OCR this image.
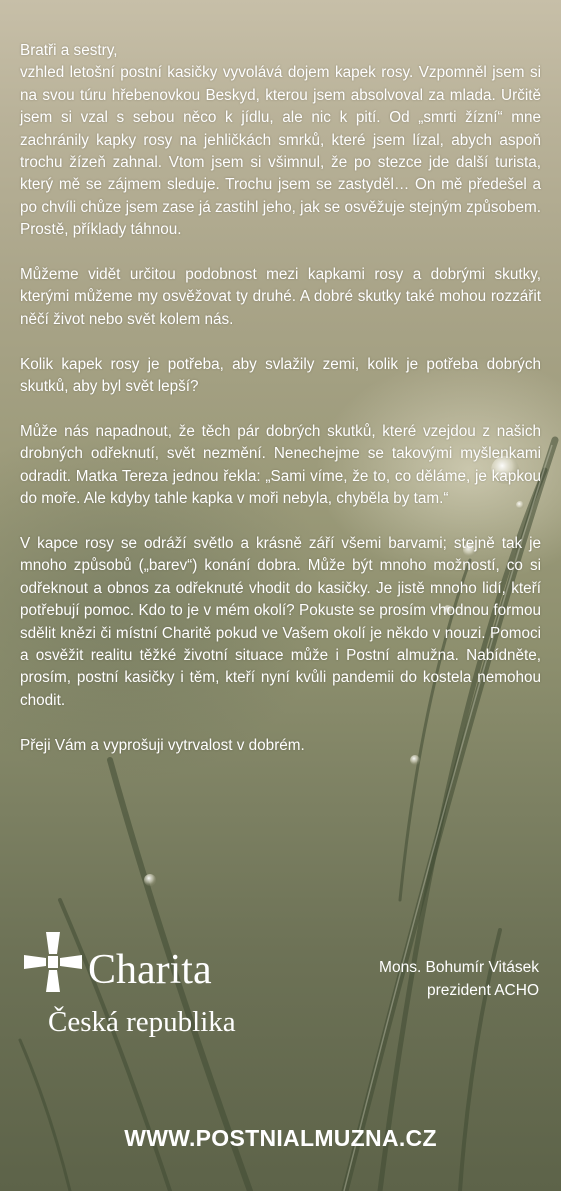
Bratři a sestry,

vzhled letošní postní kasičky vyvolává dojem kapek rosy. Vzpomněl jsem si na svou túru hřebenovkou Beskyd, kterou jsem absolvoval za mlada. Určitě jsem si vzal s sebou něco k jídlu, ale nic k pití. Od „smrti žízní“ mne zachránily kapky rosy na jehličkách smrků, které jsem lízal, abych aspoň trochu žízeň zahnal. Vtom jsem si všimnul, že po stezce jde další turista, který mě se zájmem sleduje. Trochu jsem se zastyděl… On mě předešel a po chvíli chůze jsem zase já zastihl jeho, jak se osvěžuje stejným způsobem. Prostě, příklady táhnou.

Můžeme vidět určitou podobnost mezi kapkami rosy a dobrými skutky, kterými můžeme my osvěžovat ty druhé. A dobré skutky také mohou rozzářit něčí život nebo svět kolem nás.

Kolik kapek rosy je potřeba, aby svlažily zemi, kolik je potřeba dobrých skutků, aby byl svět lepší?

Může nás napadnout, že těch pár dobrých skutků, které vzejdou z našich drobných odřeknutí, svět nezmění. Nenechejme se takovými myšlenkami odradit. Matka Tereza jednou řekla: „Sami víme, že to, co děláme, je kapkou do moře. Ale kdyby tahle kapka v moři nebyla, chyběla by tam.“

V kapce rosy se odráží světlo a krásně září všemi barvami; stejně tak je mnoho způsobů („barev“) konání dobra. Může být mnoho možností, co si odřeknout a obnos za odřeknuté vhodit do kasičky. Je jistě mnoho lidí, kteří potřebují pomoc. Kdo to je v mém okolí? Pokuste se prosím vhodnou formou sdělit knězi či místní Charitě pokud ve Vašem okolí je někdo v nouzi. Pomoci a osvěžit realitu těžké životní situace může i Postní almužna. Nabídněte, prosím, postní kasičky i těm, kteří nyní kvůli pandemii do kostela nemohou chodit.

Přeji Vám a vyprošuji vytrvalost v dobrém.

Charita
Česká republika
Mons. Bohumír Vitásek
prezident ACHO
WWW.POSTNIALMUZNA.CZ
